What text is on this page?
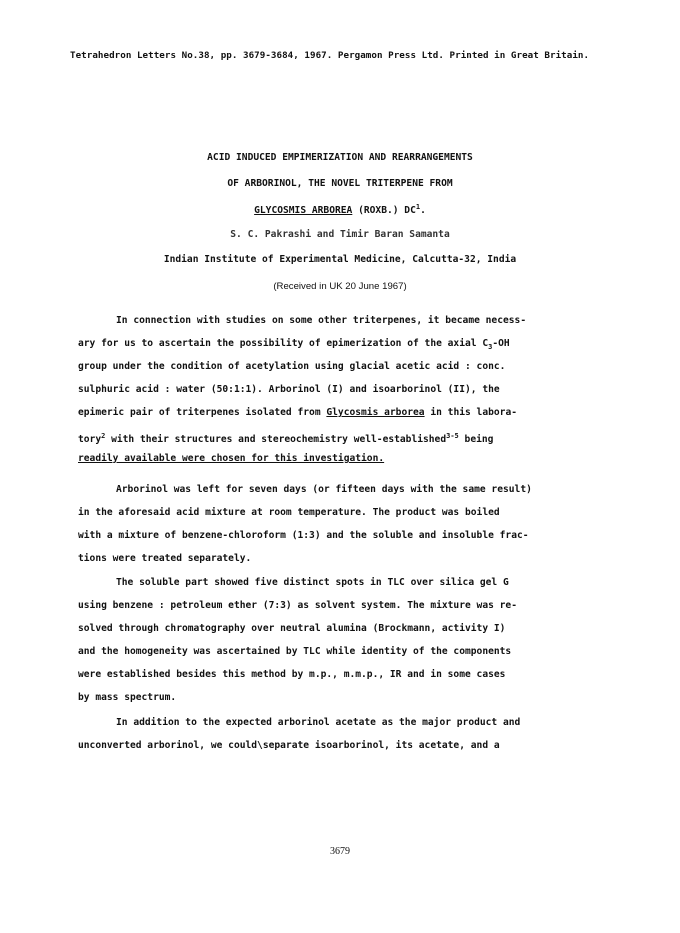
Tetrahedron Letters No.38, pp. 3679-3684, 1967. Pergamon Press Ltd. Printed in Great Britain.
ACID INDUCED EMPIMERIZATION AND REARRANGEMENTS
OF ARBORINOL, THE NOVEL TRITERPENE FROM
GLYCOSMIS ARBOREA (ROXB.) $DC^1$.
S. C. Pakrashi and Timir Baran Samanta
Indian Institute of Experimental Medicine, Calcutta-32, India
(Received in UK 20 June 1967)
In connection with studies on some other triterpenes, it became necess-
ary for us to ascertain the possibility of epimerization of the axial $C_3-OH$
group under the condition of acetylation using glacial acetic acid : conc.
sulphuric acid : water (50:1:1). Arborinol (I) and isoarborinol (II), the
epimeric pair of triterpenes isolated from Glycosmis arborea in this labora-
tory$^2$ with their structures and stereochemistry well-established$^{3-5}$ being
readily available were chosen for this investigation.
Arborinol was left for seven days (or fifteen days with the same result)
in the aforesaid acid mixture at room temperature. The product was boiled
with a mixture of benzene-chloroform (1:3) and the soluble and insoluble frac-
tions were treated separately.
The soluble part showed five distinct spots in TLC over silica gel G
using benzene : petroleum ether (7:3) as solvent system. The mixture was re-
solved through chromatography over neutral alumina (Brockmann, activity I)
and the homogeneity was ascertained by TLC while identity of the components
were established besides this method by m.p., m.m.p., IR and in some cases
by mass spectrum.
In addition to the expected arborinol acetate as the major product and
unconverted arborinol, we could\separate isoarborinol, its acetate, and a
3679
